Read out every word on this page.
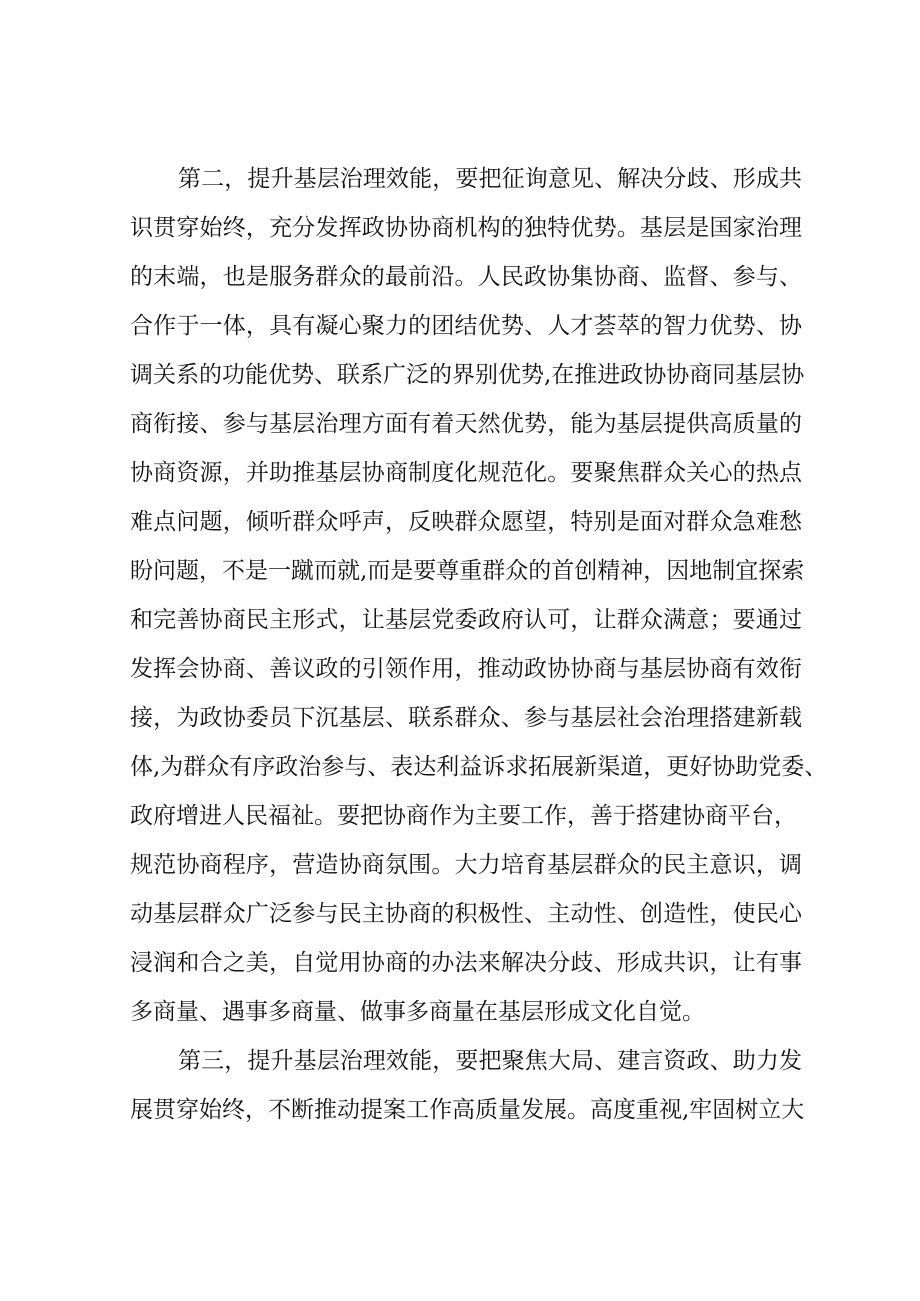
第二，提升基层治理效能，要把征询意见、解决分歧、形成共
识贯穿始终，充分发挥政协协商机构的独特优势。基层是国家治理
的末端，也是服务群众的最前沿。人民政协集协商、监督、参与、
合作于一体，具有凝心聚力的团结优势、人才荟萃的智力优势、协
调关系的功能优势、联系广泛的界别优势,在推进政协协商同基层协
商衔接、参与基层治理方面有着天然优势，能为基层提供高质量的
协商资源，并助推基层协商制度化规范化。要聚焦群众关心的热点
难点问题，倾听群众呼声，反映群众愿望，特别是面对群众急难愁
盼问题，不是一蹴而就,而是要尊重群众的首创精神，因地制宜探索
和完善协商民主形式，让基层党委政府认可，让群众满意；要通过
发挥会协商、善议政的引领作用，推动政协协商与基层协商有效衔
接，为政协委员下沉基层、联系群众、参与基层社会治理搭建新载
体,为群众有序政治参与、表达利益诉求拓展新渠道，更好协助党委、
政府增进人民福祉。要把协商作为主要工作，善于搭建协商平台，
规范协商程序，营造协商氛围。大力培育基层群众的民主意识，调
动基层群众广泛参与民主协商的积极性、主动性、创造性，使民心
浸润和合之美，自觉用协商的办法来解决分歧、形成共识，让有事
多商量、遇事多商量、做事多商量在基层形成文化自觉。
第三，提升基层治理效能，要把聚焦大局、建言资政、助力发
展贯穿始终，不断推动提案工作高质量发展。高度重视,牢固树立大
